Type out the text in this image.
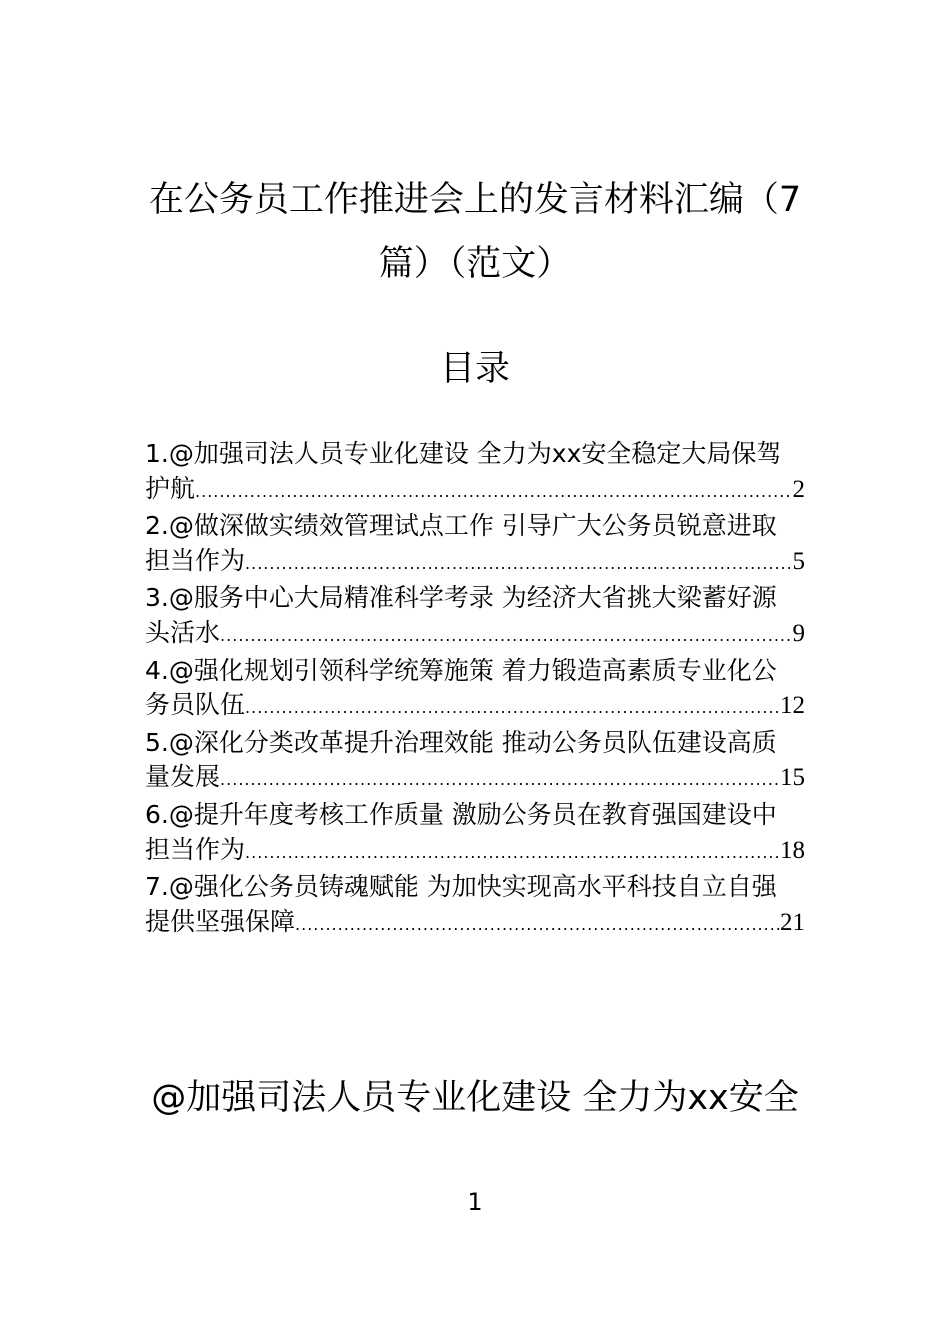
在公务员工作推进会上的发言材料汇编（7篇）（范文）
目录
1.@加强司法人员专业化建设 全力为xx安全稳定大局保驾
护航 .....	2
2.@做深做实绩效管理试点工作 引导广大公务员锐意进取
担当作为 .....	5
3.@服务中心大局精准科学考录 为经济大省挑大梁蓄好源
头活水 .....	9
4.@强化规划引领科学统筹施策 着力锻造高素质专业化公
务员队伍 .....	12
5.@深化分类改革提升治理效能 推动公务员队伍建设高质
量发展 .....	15
6.@提升年度考核工作质量 激励公务员在教育强国建设中
担当作为 .....	18
7.@强化公务员铸魂赋能 为加快实现高水平科技自立自强
提供坚强保障 .....	21
@加强司法人员专业化建设 全力为xx安全
1
